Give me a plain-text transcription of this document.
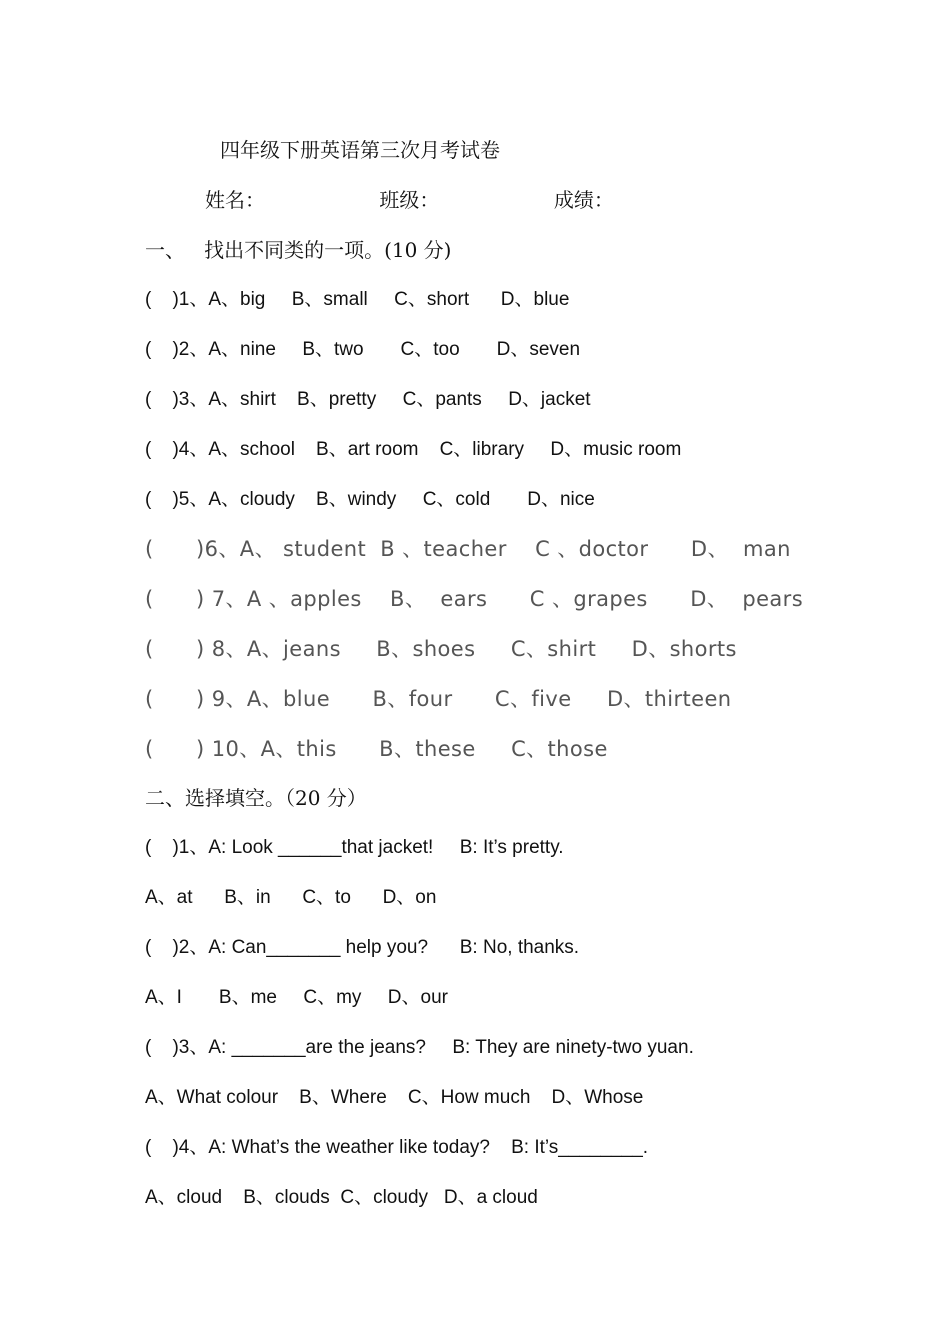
四年级下册英语第三次月考试卷
姓名：                  班级：                  成绩：
一、   找出不同类的一项。(10 分)
(    )1、A、big     B、small     C、short      D、blue
(    )2、A、nine     B、two       C、too       D、seven
(    )3、A、shirt    B、pretty     C、pants     D、jacket
(    )4、A、school    B、art room    C、library     D、music room
(    )5、A、cloudy    B、windy     C、cold       D、nice
(      )6、A、 student  B 、teacher    C 、doctor      D、  man
(      ) 7、A 、apples    B、  ears      C 、grapes      D、  pears
(      ) 8、A、jeans     B、shoes     C、shirt     D、shorts
(      ) 9、A、blue      B、four      C、five     D、thirteen
(      ) 10、A、this      B、these     C、those
二、选择填空。（20 分）
(    )1、A: Look ______that jacket!     B: It’s pretty.
A、at      B、in      C、to      D、on
(    )2、A: Can_______ help you?      B: No, thanks.
A、I       B、me     C、my     D、our
(    )3、A: _______are the jeans?     B: They are ninety-two yuan.
A、What colour    B、Where    C、How much    D、Whose
(    )4、A: What’s the weather like today?    B: It’s________.
A、cloud    B、clouds  C、cloudy   D、a cloud
